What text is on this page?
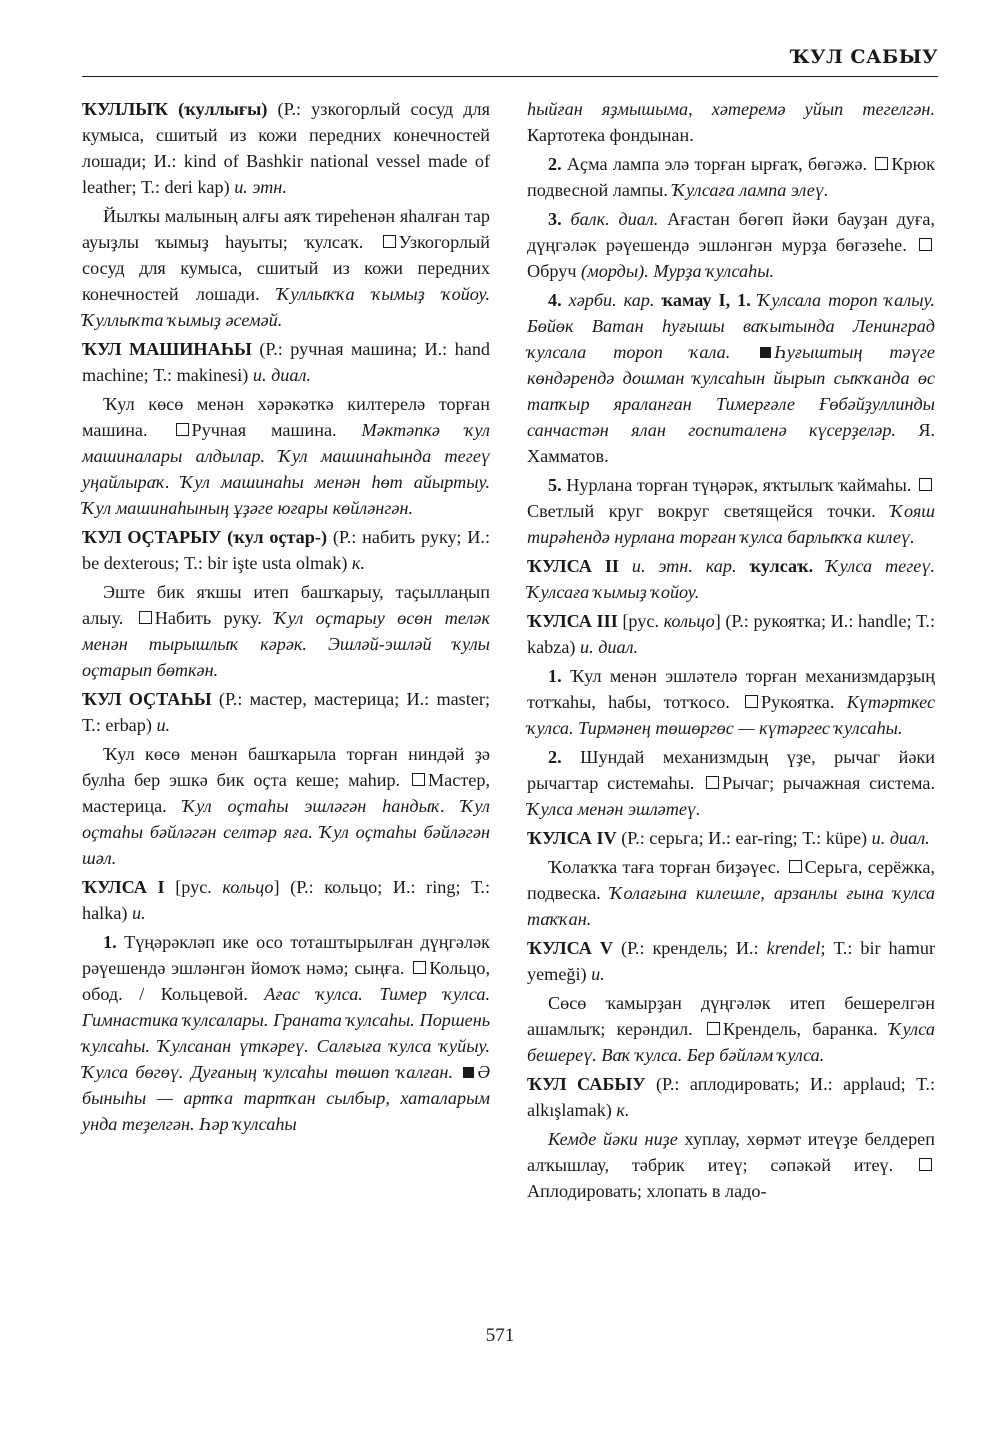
ҠУЛ САБЫУ

ҠУЛЛЫҠ (ҡуллығы) (Р.: узкогорлый сосуд для кумыса, сшитый из кожи передних конечностей лошади; И.: kind of Bashkir national vessel made of leather; Т.: deri kap) и. этн.

Йылҡы малының алғы аяҡ тиреһенән яһалған тар ауыҙлы ҡымыҙ һауыты; ҡулсаҡ. Узкогорлый сосуд для кумыса, сшитый из кожи передних конечностей лошади. Ҡуллыҡҡа ҡымыҙ ҡойоу. Ҡуллыҡта ҡымыҙ әсемәй.

ҠУЛ МАШИНАҺЫ (Р.: ручная машина; И.: hand machine; Т.: makinesi) и. диал.

Ҡул көсө менән хәрәкәткә килтерелә торған машина. Ручная машина. Мәктәпкә ҡул машиналары алдылар. Ҡул машинаһында тегеү уңайлыраҡ. Ҡул машинаһы менән һөт айыртыу. Ҡул машинаһының ұҙәге юғары көйләнгән.

ҠУЛ ОҪТАРЫУ (ҡул оҫтар-) (Р.: набить руку; И.: be dexterous; Т.: bir işte usta olmak) к.

Эште бик яҡшы итеп башҡарыу, таҫыллаңып алыу. Набить руку. Ҡул оҫтарыу өсөн теләк менән тырышлыҡ кәрәк. Эшләй-эшләй ҡулы оҫтарып бөткән.

ҠУЛ ОҪТАҺЫ (Р.: мастер, мастерица; И.: master; Т.: erbap) и.

Ҡул көсө менән башҡарыла торған ниндәй ҙә булһа бер эшкә бик оҫта кеше; маһир. Мастер, мастерица. Ҡул оҫтаһы эшләгән һандыҡ. Ҡул оҫтаһы бәйләгән селтәр яға. Ҡул оҫтаһы бәйләгән шәл.

ҠУЛСА I [рус. кольцо] (Р.: кольцо; И.: ring; Т.: halka) и.

1. Түңәрәкләп ике осо тоташтырылған дүңгәләк рәүешендә эшләнгән йомоҡ нәмә; сыңға. Кольцо, обод. / Кольцевой. Ағас ҡулса. Тимер ҡулса. Гимнастика ҡулсалары. Граната ҡулсаһы. Поршень ҡулсаһы. Ҡулсанан үткәреү. Салғыға ҡулса ҡуйыу. Ҡулса бөгөү. Дуғаның ҡулсаһы төшөп ҡалған. Ә быныһы — артҡа тартҡан сылбыр, хаталарым унда теҙелгән. Һәр ҡулсаһы

һыйған яҙмышыма, хәтеремә уйып тегелгән. Картотека фондынан.

2. Аҫма лампа элә торған ырғаҡ, бөгәжә. Крюк подвесной лампы. Ҡулсаға лампа элеү.

3. балк. диал. Ағастан бөгөп йәки бауҙан дуға, дүңгәләк рәүешендә эшләнгән мурҙа бөгәзеһе. Обруч (морды). Мурҙа ҡулсаһы.

4. хәрби. кар. ҡамау I, 1. Ҡулсала тороп ҡалыу. Бөйөк Ватан һуғышы ваҡытында Ленинград ҡулсала тороп ҡала. Һуғыштың тәүге көндәрендә дошман ҡулсаһын йырып сыҡҡанда өс тапҡыр яраланған Тимерғәле Ғөбәйҙуллинды санчастән ялан госпиталенә күсерҙеләр. Я. Хамматов.

5. Нурлана торған түңәрәк, яҡтылыҡ ҡаймаһы. Светлый круг вокруг светящейся точки. Ҡояш тирәһендә нурлана торған ҡулса барлыҡҡа килеү.

ҠУЛСА II и. этн. кар. ҡулсаҡ. Ҡулса тегеү. Ҡулсаға ҡымыҙ ҡойоу.

ҠУЛСА III [рус. кольцо] (Р.: рукоятка; И.: handle; Т.: kabza) и. диал.

1. Ҡул менән эшләтелә торған механизмдарҙың тотҡаһы, һабы, тотҡосо. Рукоятка. Күтәрткес ҡулса. Тирмәнең төшөргөс — күтәргес ҡулсаһы.

2. Шундай механизмдың үҙе, рычаг йәки рычагтар системаһы. Рычаг; рычажная система. Ҡулса менән эшләтеү.

ҠУЛСА IV (Р.: серьга; И.: ear-ring; Т.: küpe) и. диал.

Ҡолаҡҡа таға торған биҙәүес. Серьга, серёжка, подвеска. Ҡолағына килешле, арзанлы ғына ҡулса таҡҡан.

ҠУЛСА V (Р.: крендель; И.: krendel; Т.: bir hamur yemeği) и.

Сөсө ҡамырҙан дүңгәләк итеп бешерелгән ашамлыҡ; керәндил. Крендель, баранка. Ҡулса бешереү. Ваҡ ҡулса. Бер бәйләм ҡулса.

ҠУЛ САБЫУ (Р.: аплодировать; И.: applaud; Т.: alkışlamak) к.

Кемде йәки ниҙе хуплау, хөрмәт итеүҙе белдереп алҡышлау, тәбрик итеү; сәпәкәй итеү. Аплодировать; хлопать в ладо-

571
